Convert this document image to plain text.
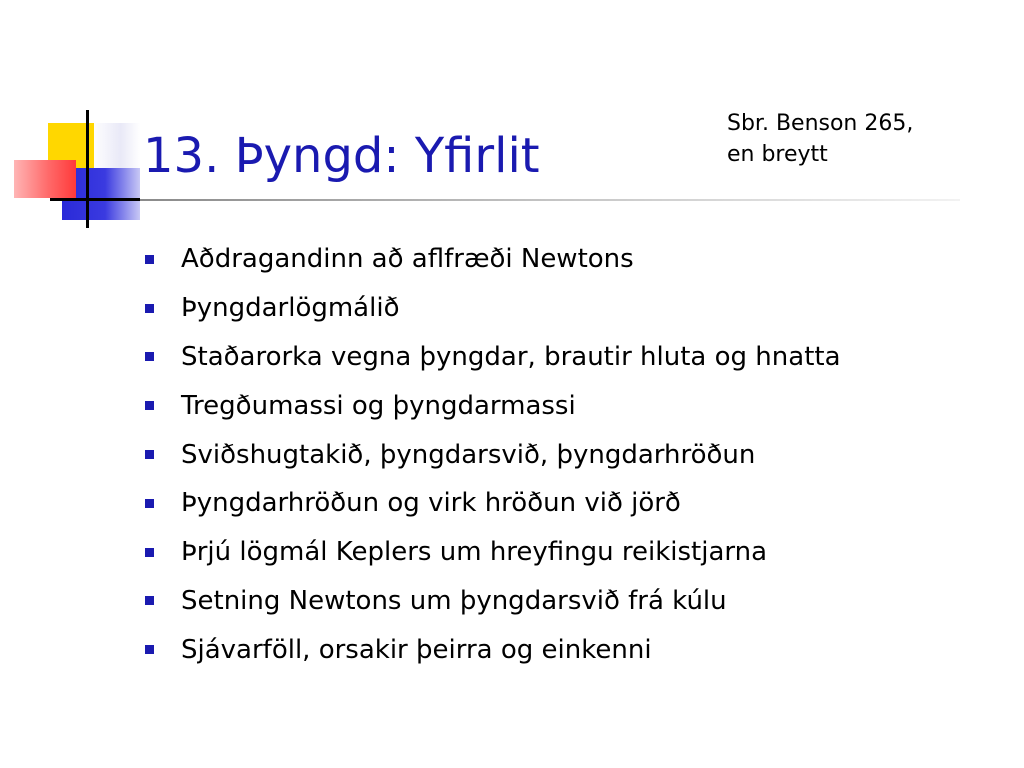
13. Þyngd: Yfirlit
Sbr. Benson 265,
en breytt
Aðdragandinn að aflfræði Newtons
Þyngdarlögmálið
Staðarorka vegna þyngdar, brautir hluta og hnatta
Tregðumassi og þyngdarmassi
Sviðshugtakið, þyngdarsvið, þyngdarhröðun
Þyngdarhröðun og virk hröðun við jörð
Þrjú lögmál Keplers um hreyfingu reikistjarna
Setning Newtons um þyngdarsvið frá kúlu
Sjávarföll, orsakir þeirra og einkenni
